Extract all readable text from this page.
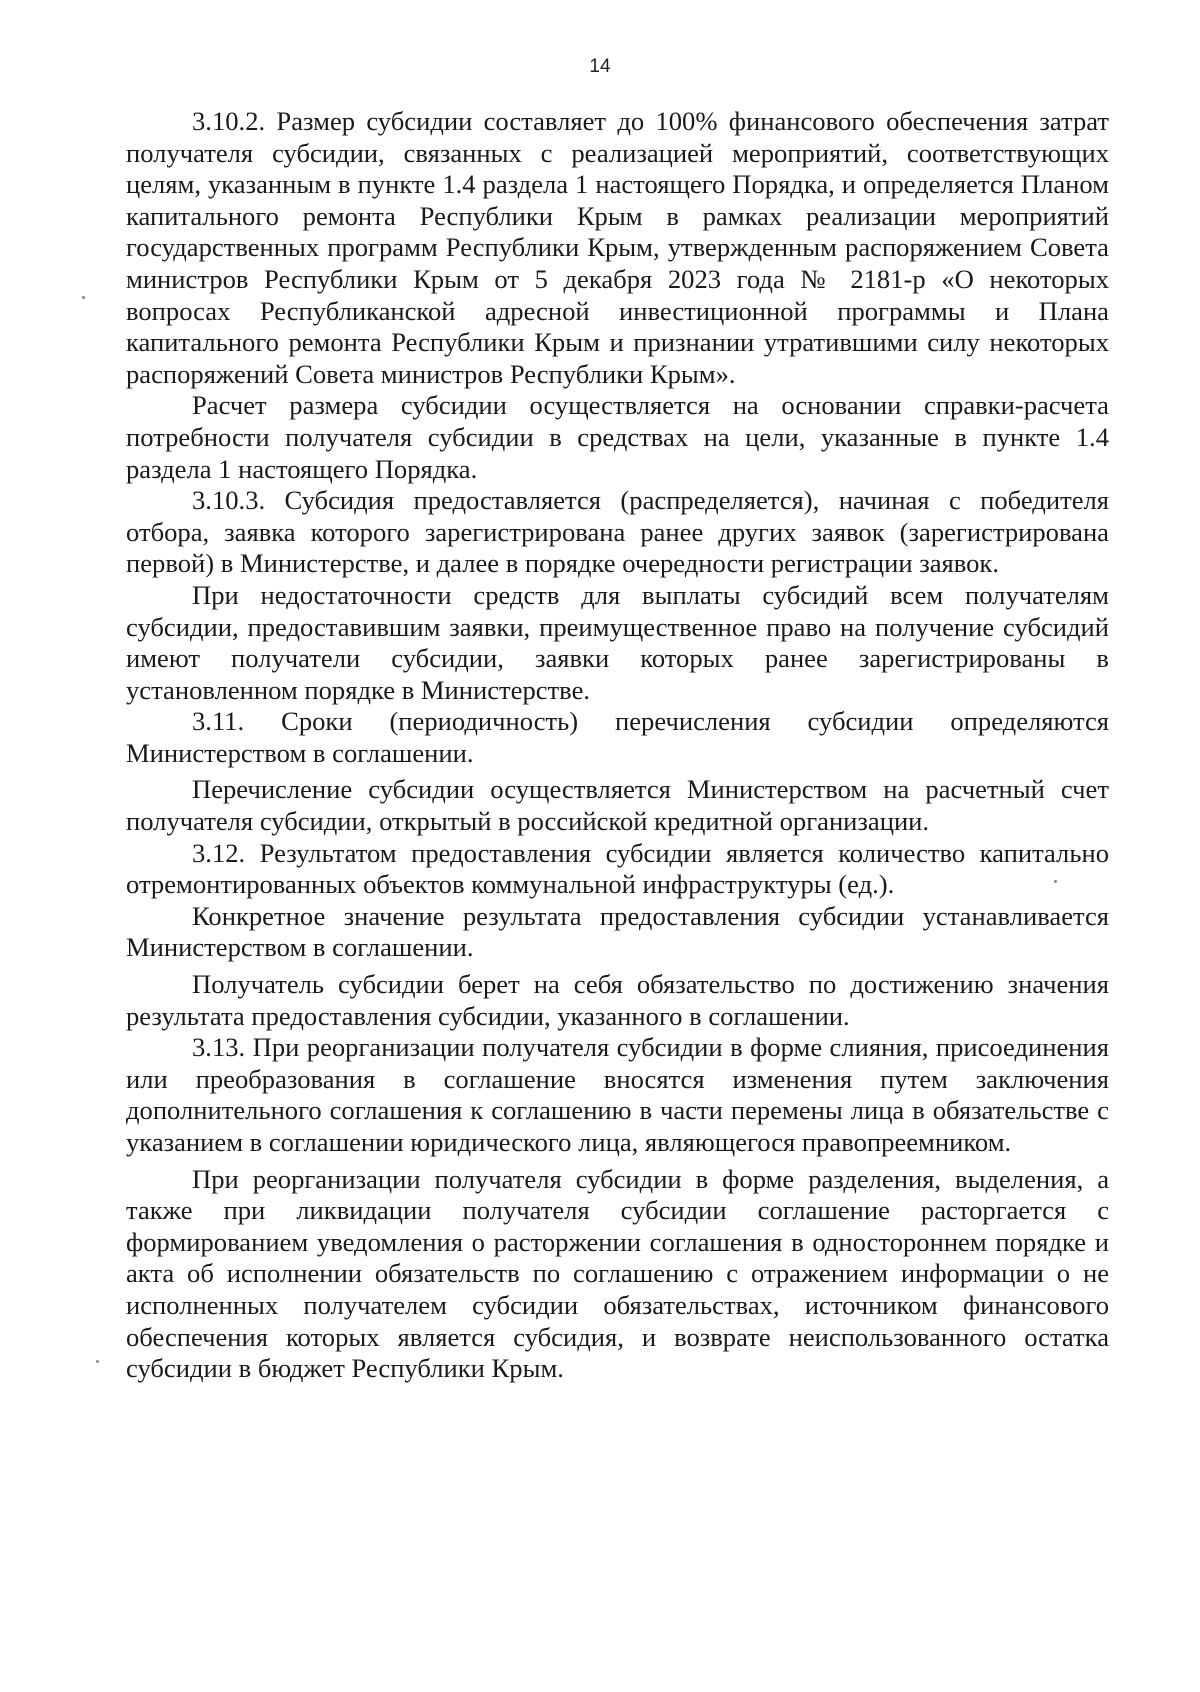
14

3.10.2. Размер субсидии составляет до 100% финансового обеспечения затрат получателя субсидии, связанных с реализацией мероприятий, соответствующих целям, указанным в пункте 1.4 раздела 1 настоящего Порядка, и определяется Планом капитального ремонта Республики Крым в рамках реализации мероприятий государственных программ Республики Крым, утвержденным распоряжением Совета министров Республики Крым от 5 декабря 2023 года № 2181-р «О некоторых вопросах Республиканской адресной инвестиционной программы и Плана капитального ремонта Республики Крым и признании утратившими силу некоторых распоряжений Совета министров Республики Крым».

Расчет размера субсидии осуществляется на основании справки-расчета потребности получателя субсидии в средствах на цели, указанные в пункте 1.4 раздела 1 настоящего Порядка.

3.10.3. Субсидия предоставляется (распределяется), начиная с победителя отбора, заявка которого зарегистрирована ранее других заявок (зарегистрирована первой) в Министерстве, и далее в порядке очередности регистрации заявок.

При недостаточности средств для выплаты субсидий всем получателям субсидии, предоставившим заявки, преимущественное право на получение субсидий имеют получатели субсидии, заявки которых ранее зарегистрированы в установленном порядке в Министерстве.

3.11. Сроки (периодичность) перечисления субсидии определяются Министерством в соглашении.

Перечисление субсидии осуществляется Министерством на расчетный счет получателя субсидии, открытый в российской кредитной организации.

3.12. Результатом предоставления субсидии является количество капитально отремонтированных объектов коммунальной инфраструктуры (ед.).

Конкретное значение результата предоставления субсидии устанавливается Министерством в соглашении.

Получатель субсидии берет на себя обязательство по достижению значения результата предоставления субсидии, указанного в соглашении.

3.13. При реорганизации получателя субсидии в форме слияния, присоединения или преобразования в соглашение вносятся изменения путем заключения дополнительного соглашения к соглашению в части перемены лица в обязательстве с указанием в соглашении юридического лица, являющегося правопреемником.

При реорганизации получателя субсидии в форме разделения, выделения, а также при ликвидации получателя субсидии соглашение расторгается с формированием уведомления о расторжении соглашения в одностороннем порядке и акта об исполнении обязательств по соглашению с отражением информации о не исполненных получателем субсидии обязательствах, источником финансового обеспечения которых является субсидия, и возврате неиспользованного остатка субсидии в бюджет Республики Крым.
